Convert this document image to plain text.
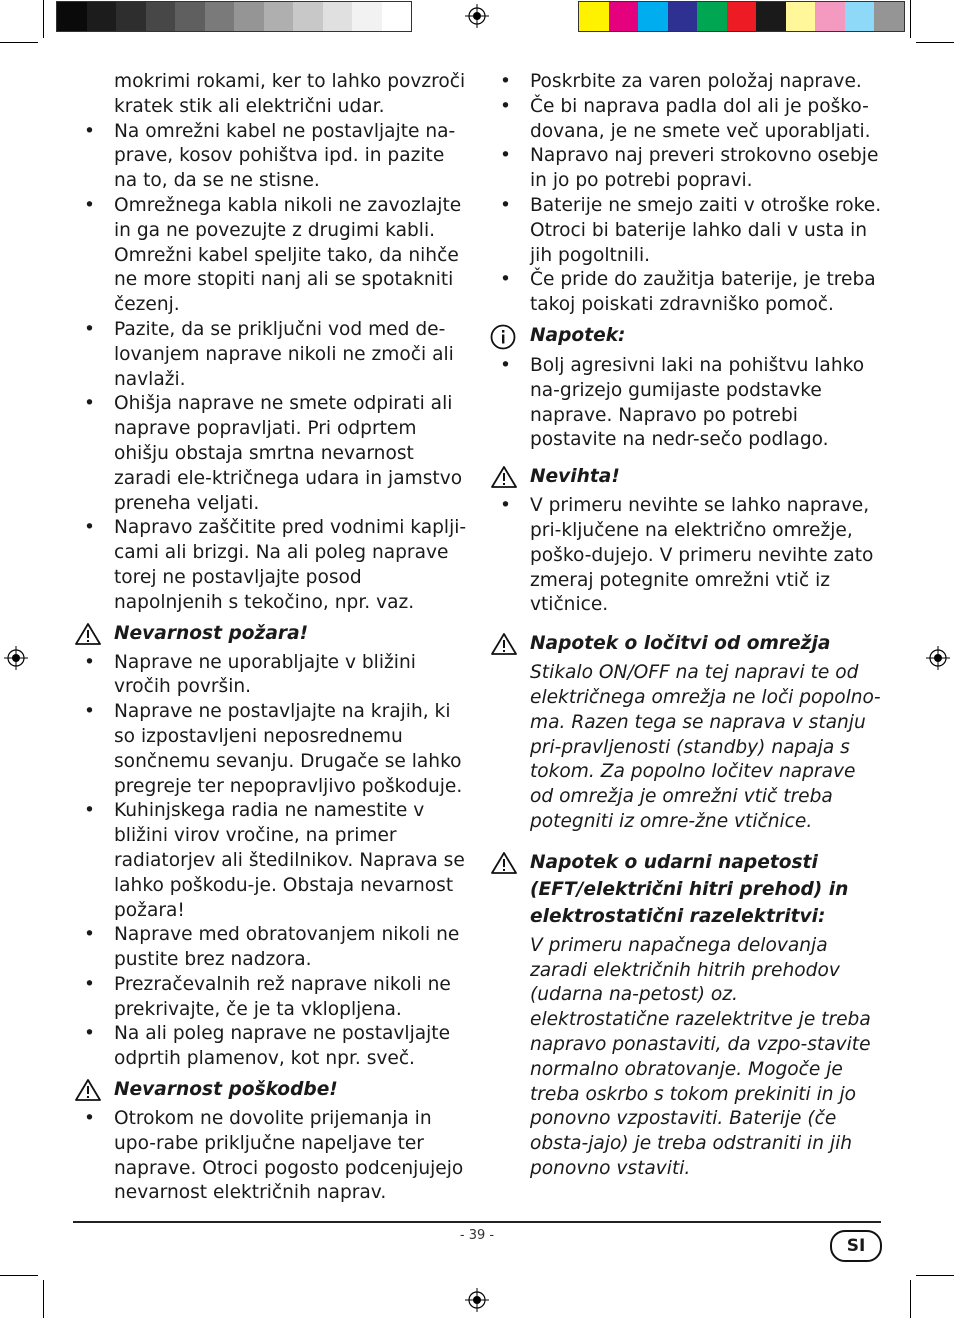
mokrimi rokami, ker to lahko povzroči kratek stik ali električni udar.

• Na omrežni kabel ne postavljajte na-prave, kosov pohištva ipd. in pazite na to, da se ne stisne.
• Omrežnega kabla nikoli ne zavozlajte in ga ne povezujte z drugimi kabli. Omrežni kabel speljite tako, da nihče ne more stopiti nanj ali se spotakniti čezenj.
• Pazite, da se priključni vod med de-lovanjem naprave nikoli ne zmoči ali navlaži.
• Ohišja naprave ne smete odpirati ali naprave popravljati. Pri odprtem ohišju obstaja smrtna nevarnost zaradi ele-ktričnega udara in jamstvo preneha veljati.
• Napravo zaščitite pred vodnimi kaplji-cami ali brizgi. Na ali poleg naprave torej ne postavljajte posod napolnjenih s tekočino, npr. vaz.
Nevarnost požara!
• Naprave ne uporabljajte v bližini vročih površin.
• Naprave ne postavljajte na krajih, ki so izpostavljeni neposrednemu sončnemu sevanju. Drugače se lahko pregreje ter nepopravljivo poškoduje.
• Kuhinjskega radia ne namestite v bližini virov vročine, na primer radiatorjev ali štedilnikov. Naprava se lahko poškodu-je. Obstaja nevarnost požara!
• Naprave med obratovanjem nikoli ne pustite brez nadzora.
• Prezračevalnih rež naprave nikoli ne prekrivajte, če je ta vklopljena.
• Na ali poleg naprave ne postavljajte odprtih plamenov, kot npr. sveč.
Nevarnost poškodbe!
• Otrokom ne dovolite prijemanja in upo-rabe priključne napeljave ter naprave. Otroci pogosto podcenjujejo nevarnost električnih naprav.
• Poskrbite za varen položaj naprave.
• Če bi naprava padla dol ali je poško-dovana, je ne smete več uporabljati.
• Napravo naj preveri strokovno osebje in jo po potrebi popravi.
• Baterije ne smejo zaiti v otroške roke. Otroci bi baterije lahko dali v usta in jih pogoltnili.
• Če pride do zaužitja baterije, je treba takoj poiskati zdravniško pomoč.
Napotek:
• Bolj agresivni laki na pohištvu lahko na-grizejo gumijaste podstavke naprave. Napravo po potrebi postavite na nedr-sečo podlago.
Nevihta!
• V primeru nevihte se lahko naprave, pri-ključene na električno omrežje, poško-dujejo. V primeru nevihte zato zmeraj potegnite omrežni vtič iz vtičnice.
Napotek o ločitvi od omrežja

Stikalo ON/OFF na tej napravi te od električnega omrežja ne loči popolno-ma. Razen tega se naprava v stanju pri-pravljenosti (standby) napaja s tokom. Za popolno ločitev naprave od omrežja je omrežni vtič treba potegniti iz omre-žne vtičnice.

Napotek o udarni napetosti (EFT/električni hitri prehod) in elektrostatični razelektritvi:

V primeru napačnega delovanja zaradi električnih hitrih prehodov (udarna na-petost) oz. elektrostatične razelektritve je treba napravo ponastaviti, da vzpo-stavite normalno obratovanje. Mogoče je treba oskrbo s tokom prekiniti in jo ponovno vzpostaviti. Baterije (če obsta-jajo) je treba odstraniti in jih ponovno vstaviti.

- 39 -
SI
